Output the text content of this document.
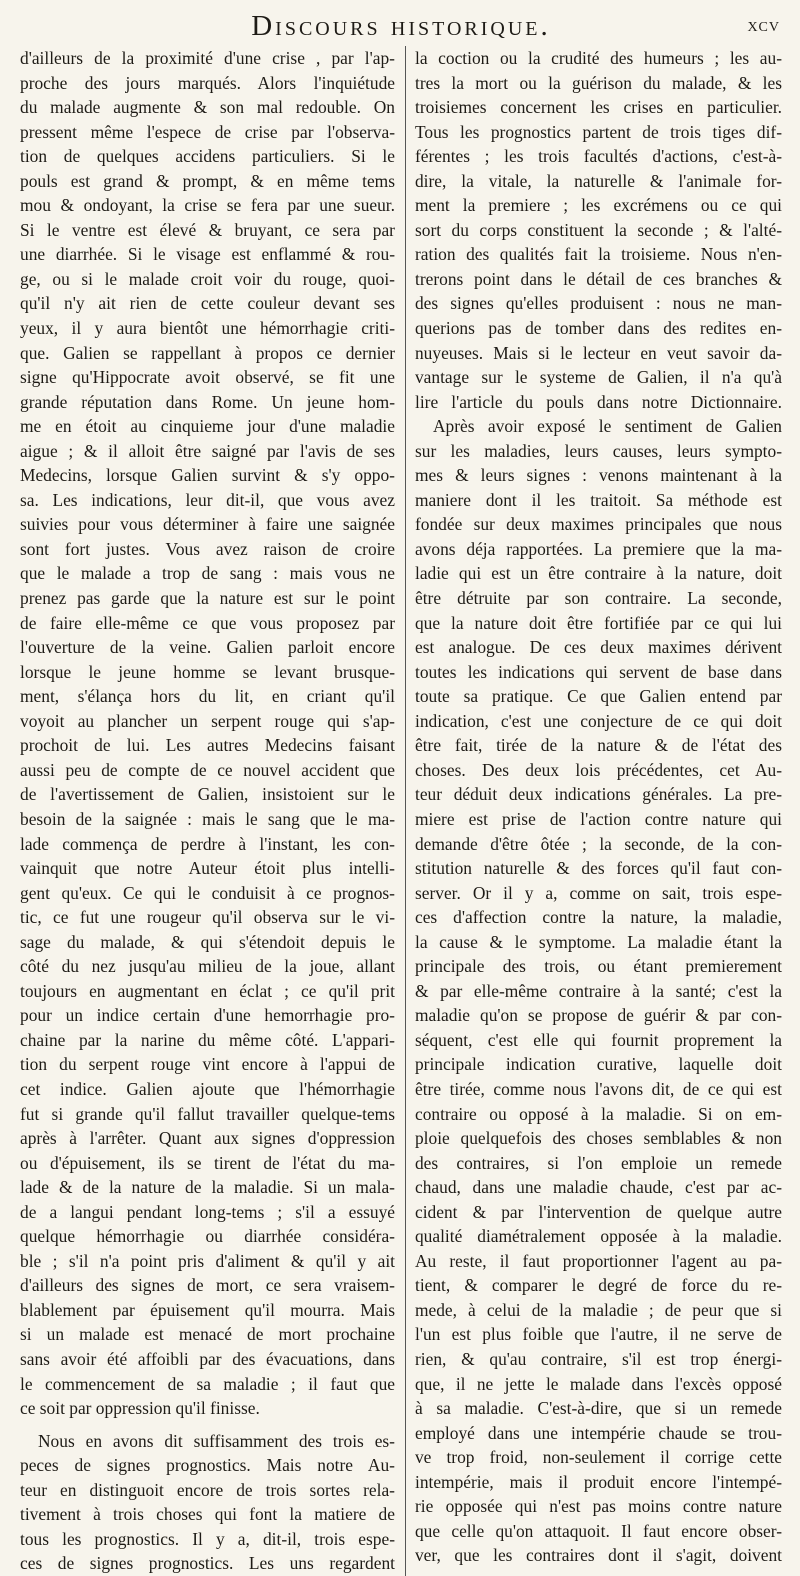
Discours historique.	xcv
d'ailleurs de la proximité d'une crise , par l'ap-
proche des jours marqués. Alors l'inquiétude
du malade augmente & son mal redouble. On
pressent même l'espece de crise par l'observa-
tion de quelques accidens particuliers. Si le
pouls est grand & prompt, & en même tems
mou & ondoyant, la crise se fera par une sueur.
Si le ventre est élevé & bruyant, ce sera par
une diarrhée. Si le visage est enflammé & rou-
ge, ou si le malade croit voir du rouge, quoi-
qu'il n'y ait rien de cette couleur devant ses
yeux, il y aura bientôt une hémorrhagie criti-
que. Galien se rappellant à propos ce dernier
signe qu'Hippocrate avoit observé, se fit une
grande réputation dans Rome. Un jeune hom-
me en étoit au cinquieme jour d'une maladie
aigue ; & il alloit être saigné par l'avis de ses
Medecins, lorsque Galien survint & s'y oppo-
sa. Les indications, leur dit-il, que vous avez
suivies pour vous déterminer à faire une saignée
sont fort justes. Vous avez raison de croire
que le malade a trop de sang : mais vous ne
prenez pas garde que la nature est sur le point
de faire elle-même ce que vous proposez par
l'ouverture de la veine. Galien parloit encore
lorsque le jeune homme se levant brusque-
ment, s'élança hors du lit, en criant qu'il
voyoit au plancher un serpent rouge qui s'ap-
prochoit de lui. Les autres Medecins faisant
aussi peu de compte de ce nouvel accident que
de l'avertissement de Galien, insistoient sur le
besoin de la saignée : mais le sang que le ma-
lade commença de perdre à l'instant, les con-
vainquit que notre Auteur étoit plus intelli-
gent qu'eux. Ce qui le conduisit à ce prognos-
tic, ce fut une rougeur qu'il observa sur le vi-
sage du malade, & qui s'étendoit depuis le
côté du nez jusqu'au milieu de la joue, allant
toujours en augmentant en éclat ; ce qu'il prit
pour un indice certain d'une hemorrhagie pro-
chaine par la narine du même côté. L'appari-
tion du serpent rouge vint encore à l'appui de
cet indice. Galien ajoute que l'hémorrhagie
fut si grande qu'il fallut travailler quelque-tems
après à l'arrêter. Quant aux signes d'oppression
ou d'épuisement, ils se tirent de l'état du ma-
lade & de la nature de la maladie. Si un mala-
de a langui pendant long-tems ; s'il a essuyé
quelque hémorrhagie ou diarrhée considéra-
ble ; s'il n'a point pris d'aliment & qu'il y ait
d'ailleurs des signes de mort, ce sera vraisem-
blablement par épuisement qu'il mourra. Mais
si un malade est menacé de mort prochaine
sans avoir été affoibli par des évacuations, dans
le commencement de sa maladie ; il faut que
ce soit par oppression qu'il finisse.
Nous en avons dit suffisamment des trois es-
peces de signes prognostics. Mais notre Au-
teur en distinguoit encore de trois sortes rela-
tivement à trois choses qui font la matiere de
tous les prognostics. Il y a, dit-il, trois espe-
ces de signes prognostics. Les uns regardent
la coction ou la crudité des humeurs ; les au-
tres la mort ou la guérison du malade, & les
troisiemes concernent les crises en particulier.
Tous les prognostics partent de trois tiges dif-
férentes ; les trois facultés d'actions, c'est-à-
dire, la vitale, la naturelle & l'animale for-
ment la premiere ; les excrémens ou ce qui
sort du corps constituent la seconde ; & l'alté-
ration des qualités fait la troisieme. Nous n'en-
trerons point dans le détail de ces branches &
des signes qu'elles produisent : nous ne man-
querions pas de tomber dans des redites en-
nuyeuses. Mais si le lecteur en veut savoir da-
vantage sur le systeme de Galien, il n'a qu'à
lire l'article du pouls dans notre Dictionnaire.
Après avoir exposé le sentiment de Galien
sur les maladies, leurs causes, leurs sympto-
mes & leurs signes : venons maintenant à la
maniere dont il les traitoit. Sa méthode est
fondée sur deux maximes principales que nous
avons déja rapportées. La premiere que la ma-
ladie qui est un être contraire à la nature, doit
être détruite par son contraire. La seconde,
que la nature doit être fortifiée par ce qui lui
est analogue. De ces deux maximes dérivent
toutes les indications qui servent de base dans
toute sa pratique. Ce que Galien entend par
indication, c'est une conjecture de ce qui doit
être fait, tirée de la nature & de l'état des
choses. Des deux lois précédentes, cet Au-
teur déduit deux indications générales. La pre-
miere est prise de l'action contre nature qui
demande d'être ôtée ; la seconde, de la con-
stitution naturelle & des forces qu'il faut con-
server. Or il y a, comme on sait, trois espe-
ces d'affection contre la nature, la maladie,
la cause & le symptome. La maladie étant la
principale des trois, ou étant premierement
& par elle-même contraire à la santé; c'est la
maladie qu'on se propose de guérir & par con-
séquent, c'est elle qui fournit proprement la
principale indication curative, laquelle doit
être tirée, comme nous l'avons dit, de ce qui est
contraire ou opposé à la maladie. Si on em-
ploie quelquefois des choses semblables & non
des contraires, si l'on emploie un remede
chaud, dans une maladie chaude, c'est par ac-
cident & par l'intervention de quelque autre
qualité diamétralement opposée à la maladie.
Au reste, il faut proportionner l'agent au pa-
tient, & comparer le degré de force du re-
mede, à celui de la maladie ; de peur que si
l'un est plus foible que l'autre, il ne serve de
rien, & qu'au contraire, s'il est trop énergi-
que, il ne jette le malade dans l'excès opposé
à sa maladie. C'est-à-dire, que si un remede
employé dans une intempérie chaude se trou-
ve trop froid, non-seulement il corrige cette
intempérie, mais il produit encore l'intempé-
rie opposée qui n'est pas moins contre nature
que celle qu'on attaquoit. Il faut encore obser-
ver, que les contraires dont il s'agit, doivent
